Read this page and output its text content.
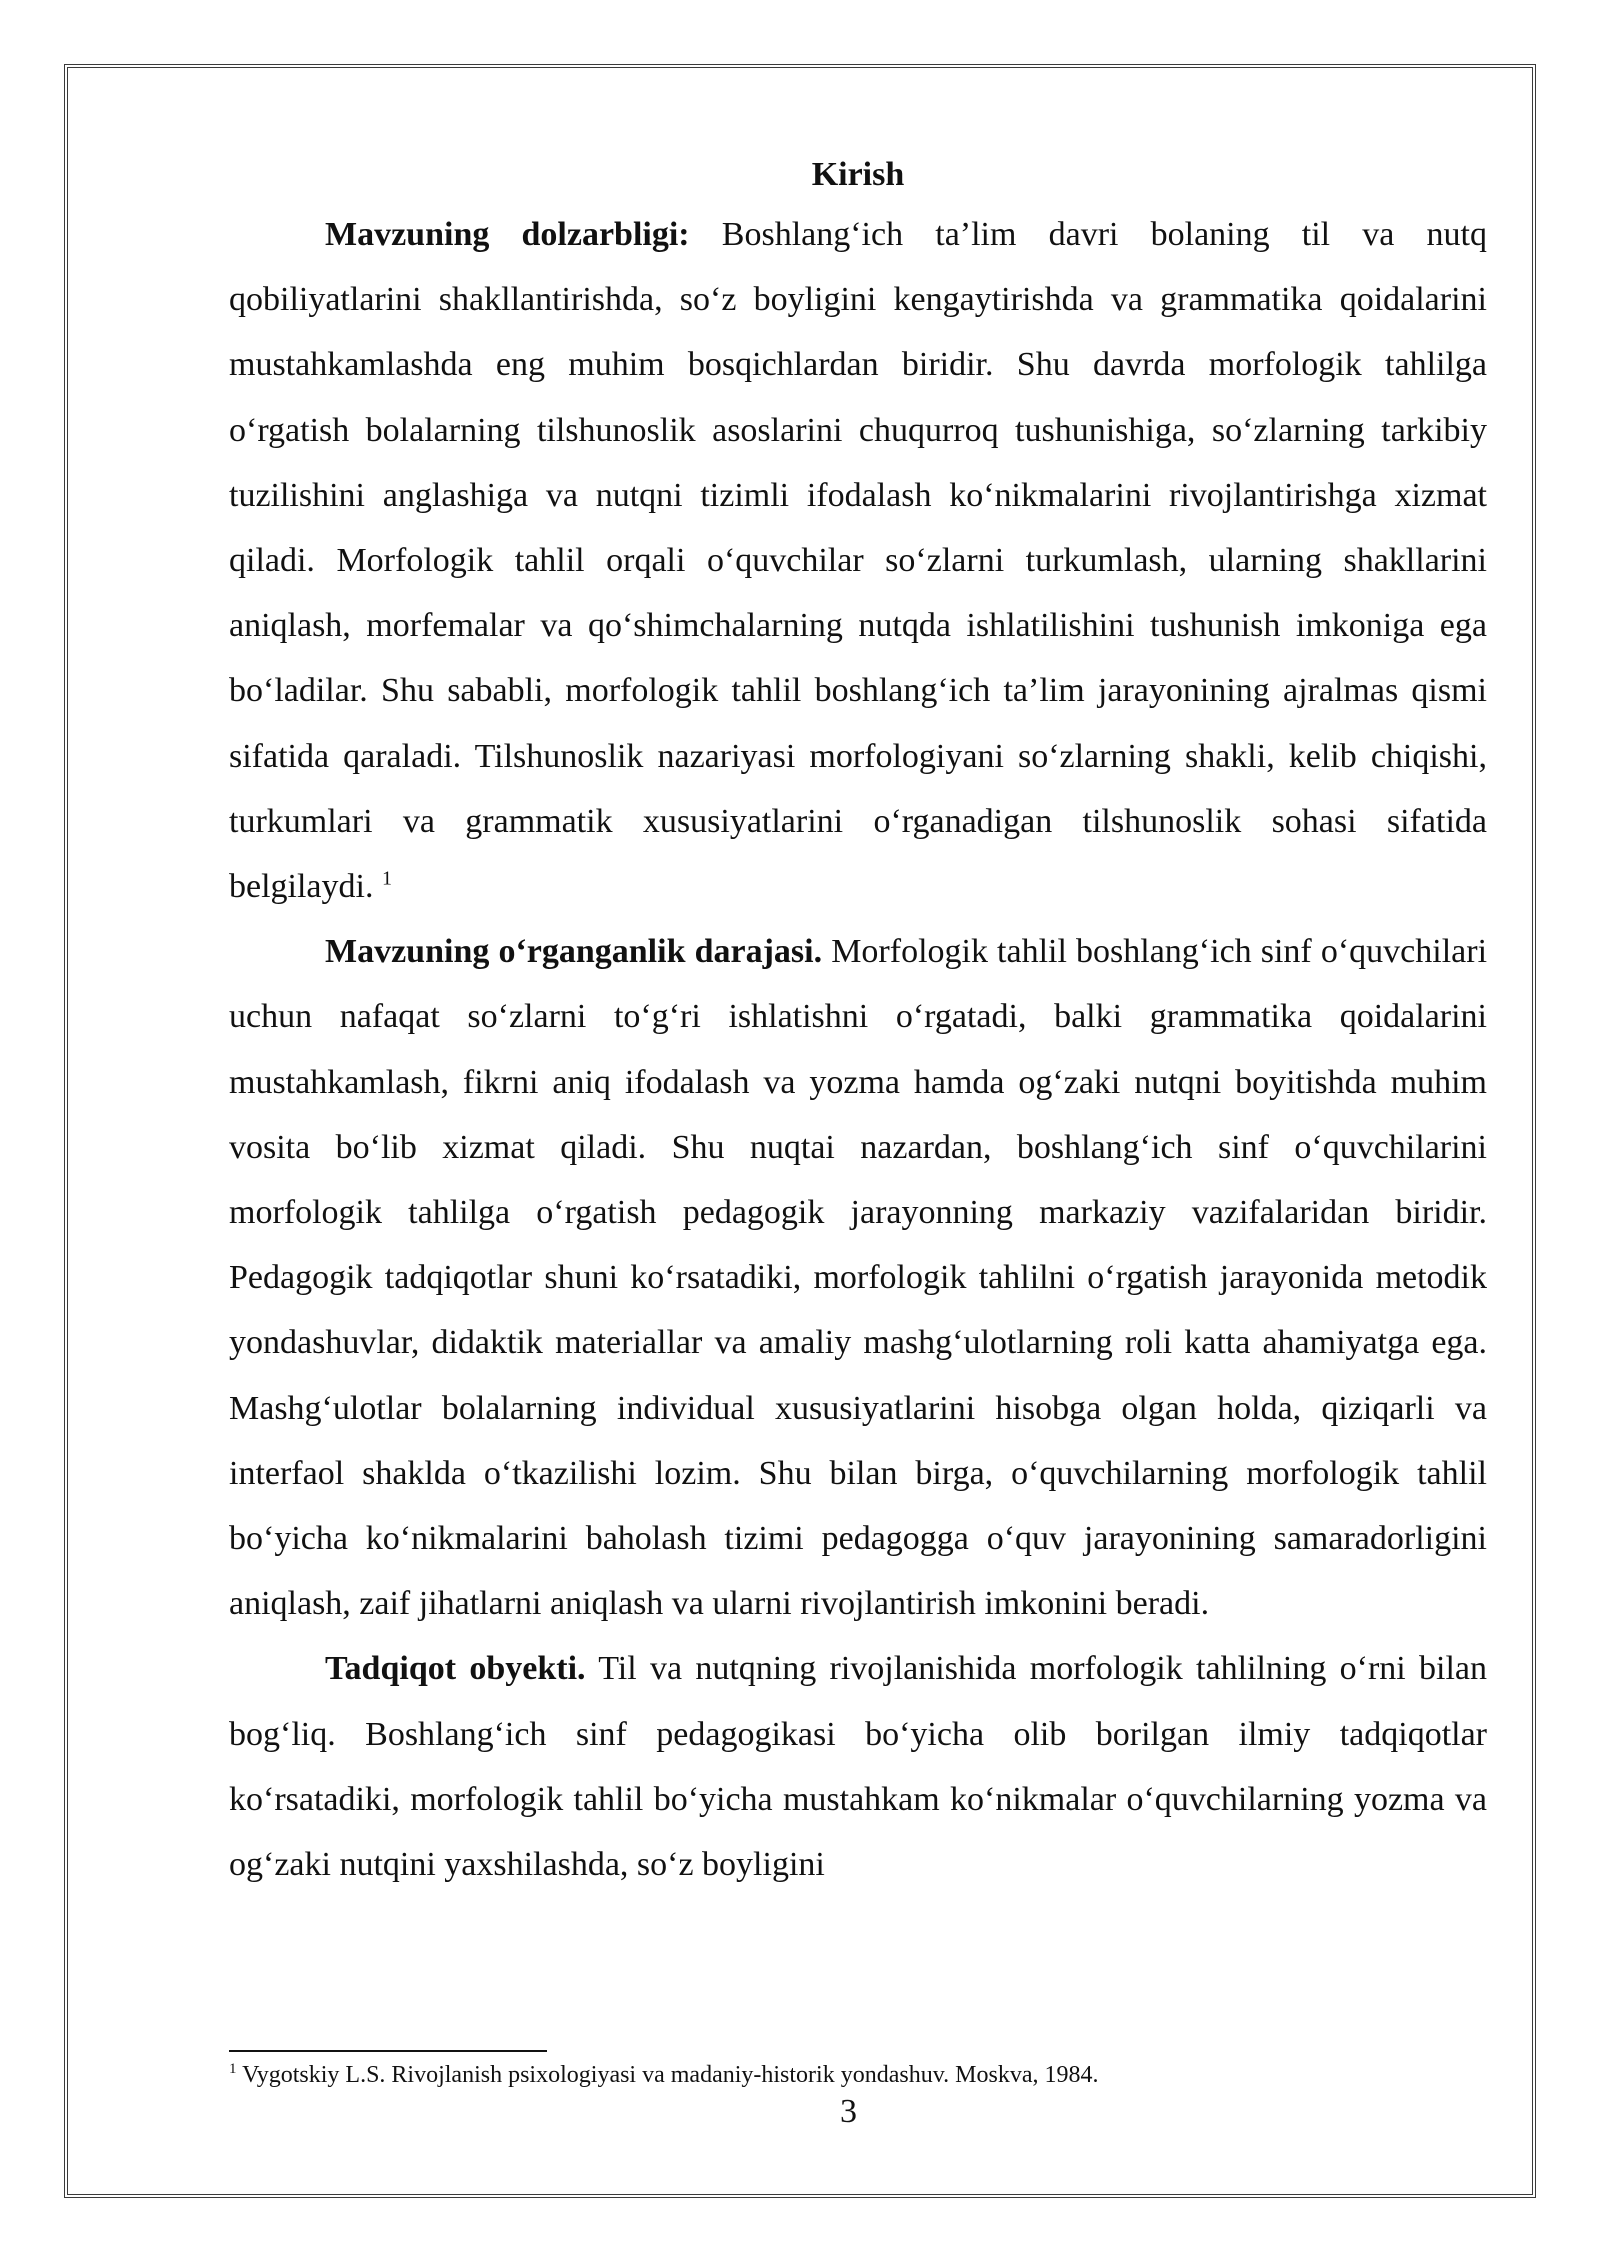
Kirish

Mavzuning dolzarbligi: Boshlang‘ich ta’lim davri bolaning til va nutq qobiliyatlarini shakllantirishda, so‘z boyligini kengaytirishda va grammatika qoidalarini mustahkamlashda eng muhim bosqichlardan biridir. Shu davrda morfologik tahlilga o‘rgatish bolalarning tilshunoslik asoslarini chuqurroq tushunishiga, so‘zlarning tarkibiy tuzilishini anglashiga va nutqni tizimli ifodalash ko‘nikmalarini rivojlantirishga xizmat qiladi. Morfologik tahlil orqali o‘quvchilar so‘zlarni turkumlash, ularning shakllarini aniqlash, morfemalar va qo‘shimchalarning nutqda ishlatilishini tushunish imkoniga ega bo‘ladilar. Shu sababli, morfologik tahlil boshlang‘ich ta’lim jarayonining ajralmas qismi sifatida qaraladi. Tilshunoslik nazariyasi morfologiyani so‘zlarning shakli, kelib chiqishi, turkumlari va grammatik xususiyatlarini o‘rganadigan tilshunoslik sohasi sifatida belgilaydi. $^1$

Mavzuning o‘rganganlik darajasi. Morfologik tahlil boshlang‘ich sinf o‘quvchilari uchun nafaqat so‘zlarni to‘g‘ri ishlatishni o‘rgatadi, balki grammatika qoidalarini mustahkamlash, fikrni aniq ifodalash va yozma hamda og‘zaki nutqni boyitishda muhim vosita bo‘lib xizmat qiladi. Shu nuqtai nazardan, boshlang‘ich sinf o‘quvchilarini morfologik tahlilga o‘rgatish pedagogik jarayonning markaziy vazifalaridan biridir. Pedagogik tadqiqotlar shuni ko‘rsatadiki, morfologik tahlilni o‘rgatish jarayonida metodik yondashuvlar, didaktik materiallar va amaliy mashg‘ulotlarning roli katta ahamiyatga ega. Mashg‘ulotlar bolalarning individual xususiyatlarini hisobga olgan holda, qiziqarli va interfaol shaklda o‘tkazilishi lozim. Shu bilan birga, o‘quvchilarning morfologik tahlil bo‘yicha ko‘nikmalarini baholash tizimi pedagogga o‘quv jarayonining samaradorligini aniqlash, zaif jihatlarni aniqlash va ularni rivojlantirish imkonini beradi.

Tadqiqot obyekti. Til va nutqning rivojlanishida morfologik tahlilning o‘rni bilan bog‘liq. Boshlang‘ich sinf pedagogikasi bo‘yicha olib borilgan ilmiy tadqiqotlar ko‘rsatadiki, morfologik tahlil bo‘yicha mustahkam ko‘nikmalar o‘quvchilarning yozma va og‘zaki nutqini yaxshilashda, so‘z boyligini

$^1$ Vygotskiy L.S. Rivojlanish psixologiyasi va madaniy-historik yondashuv. Moskva, 1984.

3
